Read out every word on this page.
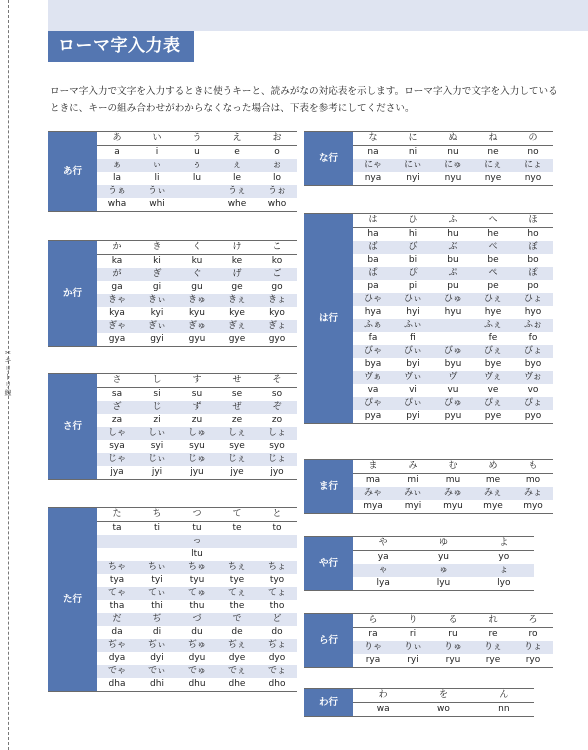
✂
キ
リ
ト
リ
線
ローマ字入力表

ローマ字入力で文字を入力するときに使うキーと、読みがなの対応表を示します。ローマ字入力で文字を入力しているときに、キーの組み合わせがわからなくなった場合は、下表を参考にしてください。

あ行	あ	い	う	え	お
	a	i	u	e	o
	ぁ	ぃ	ぅ	ぇ	ぉ
	la	li	lu	le	lo
	うぁ	うぃ		うぇ	うぉ
	wha	whi		whe	who
か行	か	き	く	け	こ
	ka	ki	ku	ke	ko
	が	ぎ	ぐ	げ	ご
	ga	gi	gu	ge	go
	きゃ	きぃ	きゅ	きぇ	きょ
	kya	kyi	kyu	kye	kyo
	ぎゃ	ぎぃ	ぎゅ	ぎぇ	ぎょ
	gya	gyi	gyu	gye	gyo
さ行	さ	し	す	せ	そ
	sa	si	su	se	so
	ざ	じ	ず	ぜ	ぞ
	za	zi	zu	ze	zo
	しゃ	しぃ	しゅ	しぇ	しょ
	sya	syi	syu	sye	syo
	じゃ	じぃ	じゅ	じぇ	じょ
	jya	jyi	jyu	jye	jyo
た行	た	ち	つ	て	と
	ta	ti	tu	te	to
			っ		
			ltu		
	ちゃ	ちぃ	ちゅ	ちぇ	ちょ
	tya	tyi	tyu	tye	tyo
	てゃ	てぃ	てゅ	てぇ	てょ
	tha	thi	thu	the	tho
	だ	ぢ	づ	で	ど
	da	di	du	de	do
	ぢゃ	ぢぃ	ぢゅ	ぢぇ	ぢょ
	dya	dyi	dyu	dye	dyo
	でゃ	でぃ	でゅ	でぇ	でょ
	dha	dhi	dhu	dhe	dho
な行	な	に	ぬ	ね	の
	na	ni	nu	ne	no
	にゃ	にぃ	にゅ	にぇ	にょ
	nya	nyi	nyu	nye	nyo
は行	は	ひ	ふ	へ	ほ
	ha	hi	hu	he	ho
	ば	び	ぶ	べ	ぼ
	ba	bi	bu	be	bo
	ぱ	ぴ	ぷ	ぺ	ぽ
	pa	pi	pu	pe	po
	ひゃ	ひぃ	ひゅ	ひぇ	ひょ
	hya	hyi	hyu	hye	hyo
	ふぁ	ふぃ		ふぇ	ふぉ
	fa	fi		fe	fo
	びゃ	びぃ	びゅ	びぇ	びょ
	bya	byi	byu	bye	byo
	ヴぁ	ヴぃ	ヴ	ヴぇ	ヴぉ
	va	vi	vu	ve	vo
	ぴゃ	ぴぃ	ぴゅ	ぴぇ	ぴょ
	pya	pyi	pyu	pye	pyo
ま行	ま	み	む	め	も
	ma	mi	mu	me	mo
	みゃ	みぃ	みゅ	みぇ	みょ
	mya	myi	myu	mye	myo
や行	や	ゆ	よ
	ya	yu	yo
	ゃ	ゅ	ょ
	lya	lyu	lyo
ら行	ら	り	る	れ	ろ
	ra	ri	ru	re	ro
	りゃ	りぃ	りゅ	りぇ	りょ
	rya	ryi	ryu	rye	ryo
わ行	わ	を	ん
	wa	wo	nn
